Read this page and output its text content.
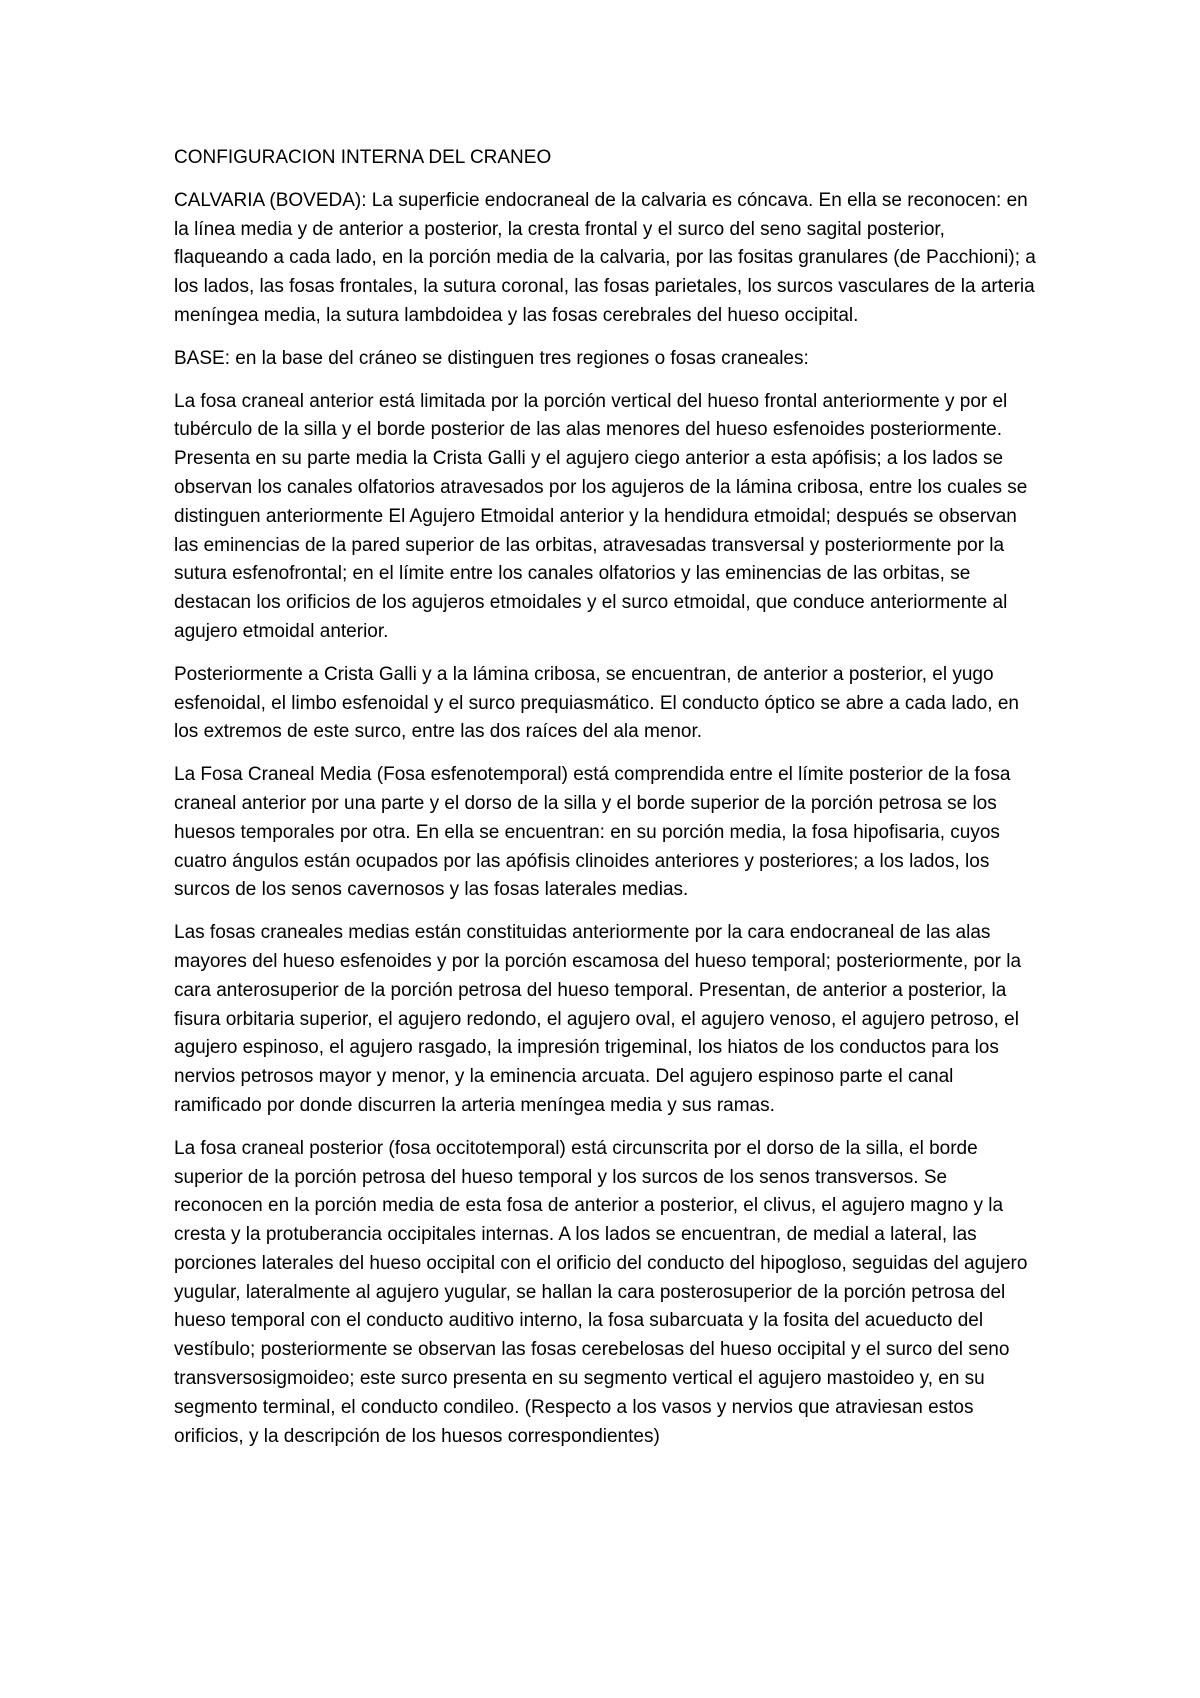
CONFIGURACION INTERNA DEL CRANEO

CALVARIA (BOVEDA): La superficie endocraneal de la calvaria es cóncava. En ella se reconocen: en la línea media y de anterior a posterior, la cresta frontal y el surco del seno sagital posterior, flaqueando a cada lado, en la porción media de la calvaria, por las fositas granulares (de Pacchioni); a los lados, las fosas frontales, la sutura coronal, las fosas parietales, los surcos vasculares de la arteria meníngea media, la sutura lambdoidea y las fosas cerebrales del hueso occipital.

BASE: en la base del cráneo se distinguen tres regiones o fosas craneales:

La fosa craneal anterior está limitada por la porción vertical del hueso frontal anteriormente y por el tubérculo de la silla y el borde posterior de las alas menores del hueso esfenoides posteriormente. Presenta en su parte media la Crista Galli y el agujero ciego anterior a esta apófisis; a los lados se observan los canales olfatorios atravesados por los agujeros de la lámina cribosa, entre los cuales se distinguen anteriormente El Agujero Etmoidal anterior y la hendidura etmoidal; después se observan las eminencias de la pared superior de las orbitas, atravesadas transversal y posteriormente por la sutura esfenofrontal; en el límite entre los canales olfatorios y las eminencias de las orbitas, se destacan los orificios de los agujeros etmoidales y el surco etmoidal, que conduce anteriormente al agujero etmoidal anterior.

Posteriormente a Crista Galli y a la lámina cribosa, se encuentran, de anterior a posterior, el yugo esfenoidal, el limbo esfenoidal y el surco prequiasmático. El conducto óptico se abre a cada lado, en los extremos de este surco, entre las dos raíces del ala menor.

La Fosa Craneal Media (Fosa esfenotemporal) está comprendida entre el límite posterior de la fosa craneal anterior por una parte y el dorso de la silla y el borde superior de la porción petrosa se los huesos temporales por otra. En ella se encuentran: en su porción media, la fosa hipofisaria, cuyos cuatro ángulos están ocupados por las apófisis clinoides anteriores y posteriores; a los lados, los surcos de los senos cavernosos y las fosas laterales medias.

Las fosas craneales medias están constituidas anteriormente por la cara endocraneal de las alas mayores del hueso esfenoides y por la porción escamosa del hueso temporal; posteriormente, por la cara anterosuperior de la porción petrosa del hueso temporal. Presentan, de anterior a posterior, la fisura orbitaria superior, el agujero redondo, el agujero oval, el agujero venoso, el agujero petroso, el agujero espinoso, el agujero rasgado, la impresión trigeminal, los hiatos de los conductos para los nervios petrosos mayor y menor, y la eminencia arcuata. Del agujero espinoso parte el canal ramificado por donde discurren la arteria meníngea media y sus ramas.

La fosa craneal posterior (fosa occitotemporal) está circunscrita por el dorso de la silla, el borde superior de la porción petrosa del hueso temporal y los surcos de los senos transversos. Se reconocen en la porción media de esta fosa de anterior a posterior, el clivus, el agujero magno y la cresta y la protuberancia occipitales internas. A los lados se encuentran, de medial a lateral, las porciones laterales del hueso occipital con el orificio del conducto del hipogloso, seguidas del agujero yugular, lateralmente al agujero yugular, se hallan la cara posterosuperior de la porción petrosa del hueso temporal con el conducto auditivo interno, la fosa subarcuata y la fosita del acueducto del vestíbulo; posteriormente se observan las fosas cerebelosas del hueso occipital y el surco del seno transversosigmoideo; este surco presenta en su segmento vertical el agujero mastoideo y, en su segmento terminal, el conducto condileo. (Respecto a los vasos y nervios que atraviesan estos orificios, y la descripción de los huesos correspondientes)
